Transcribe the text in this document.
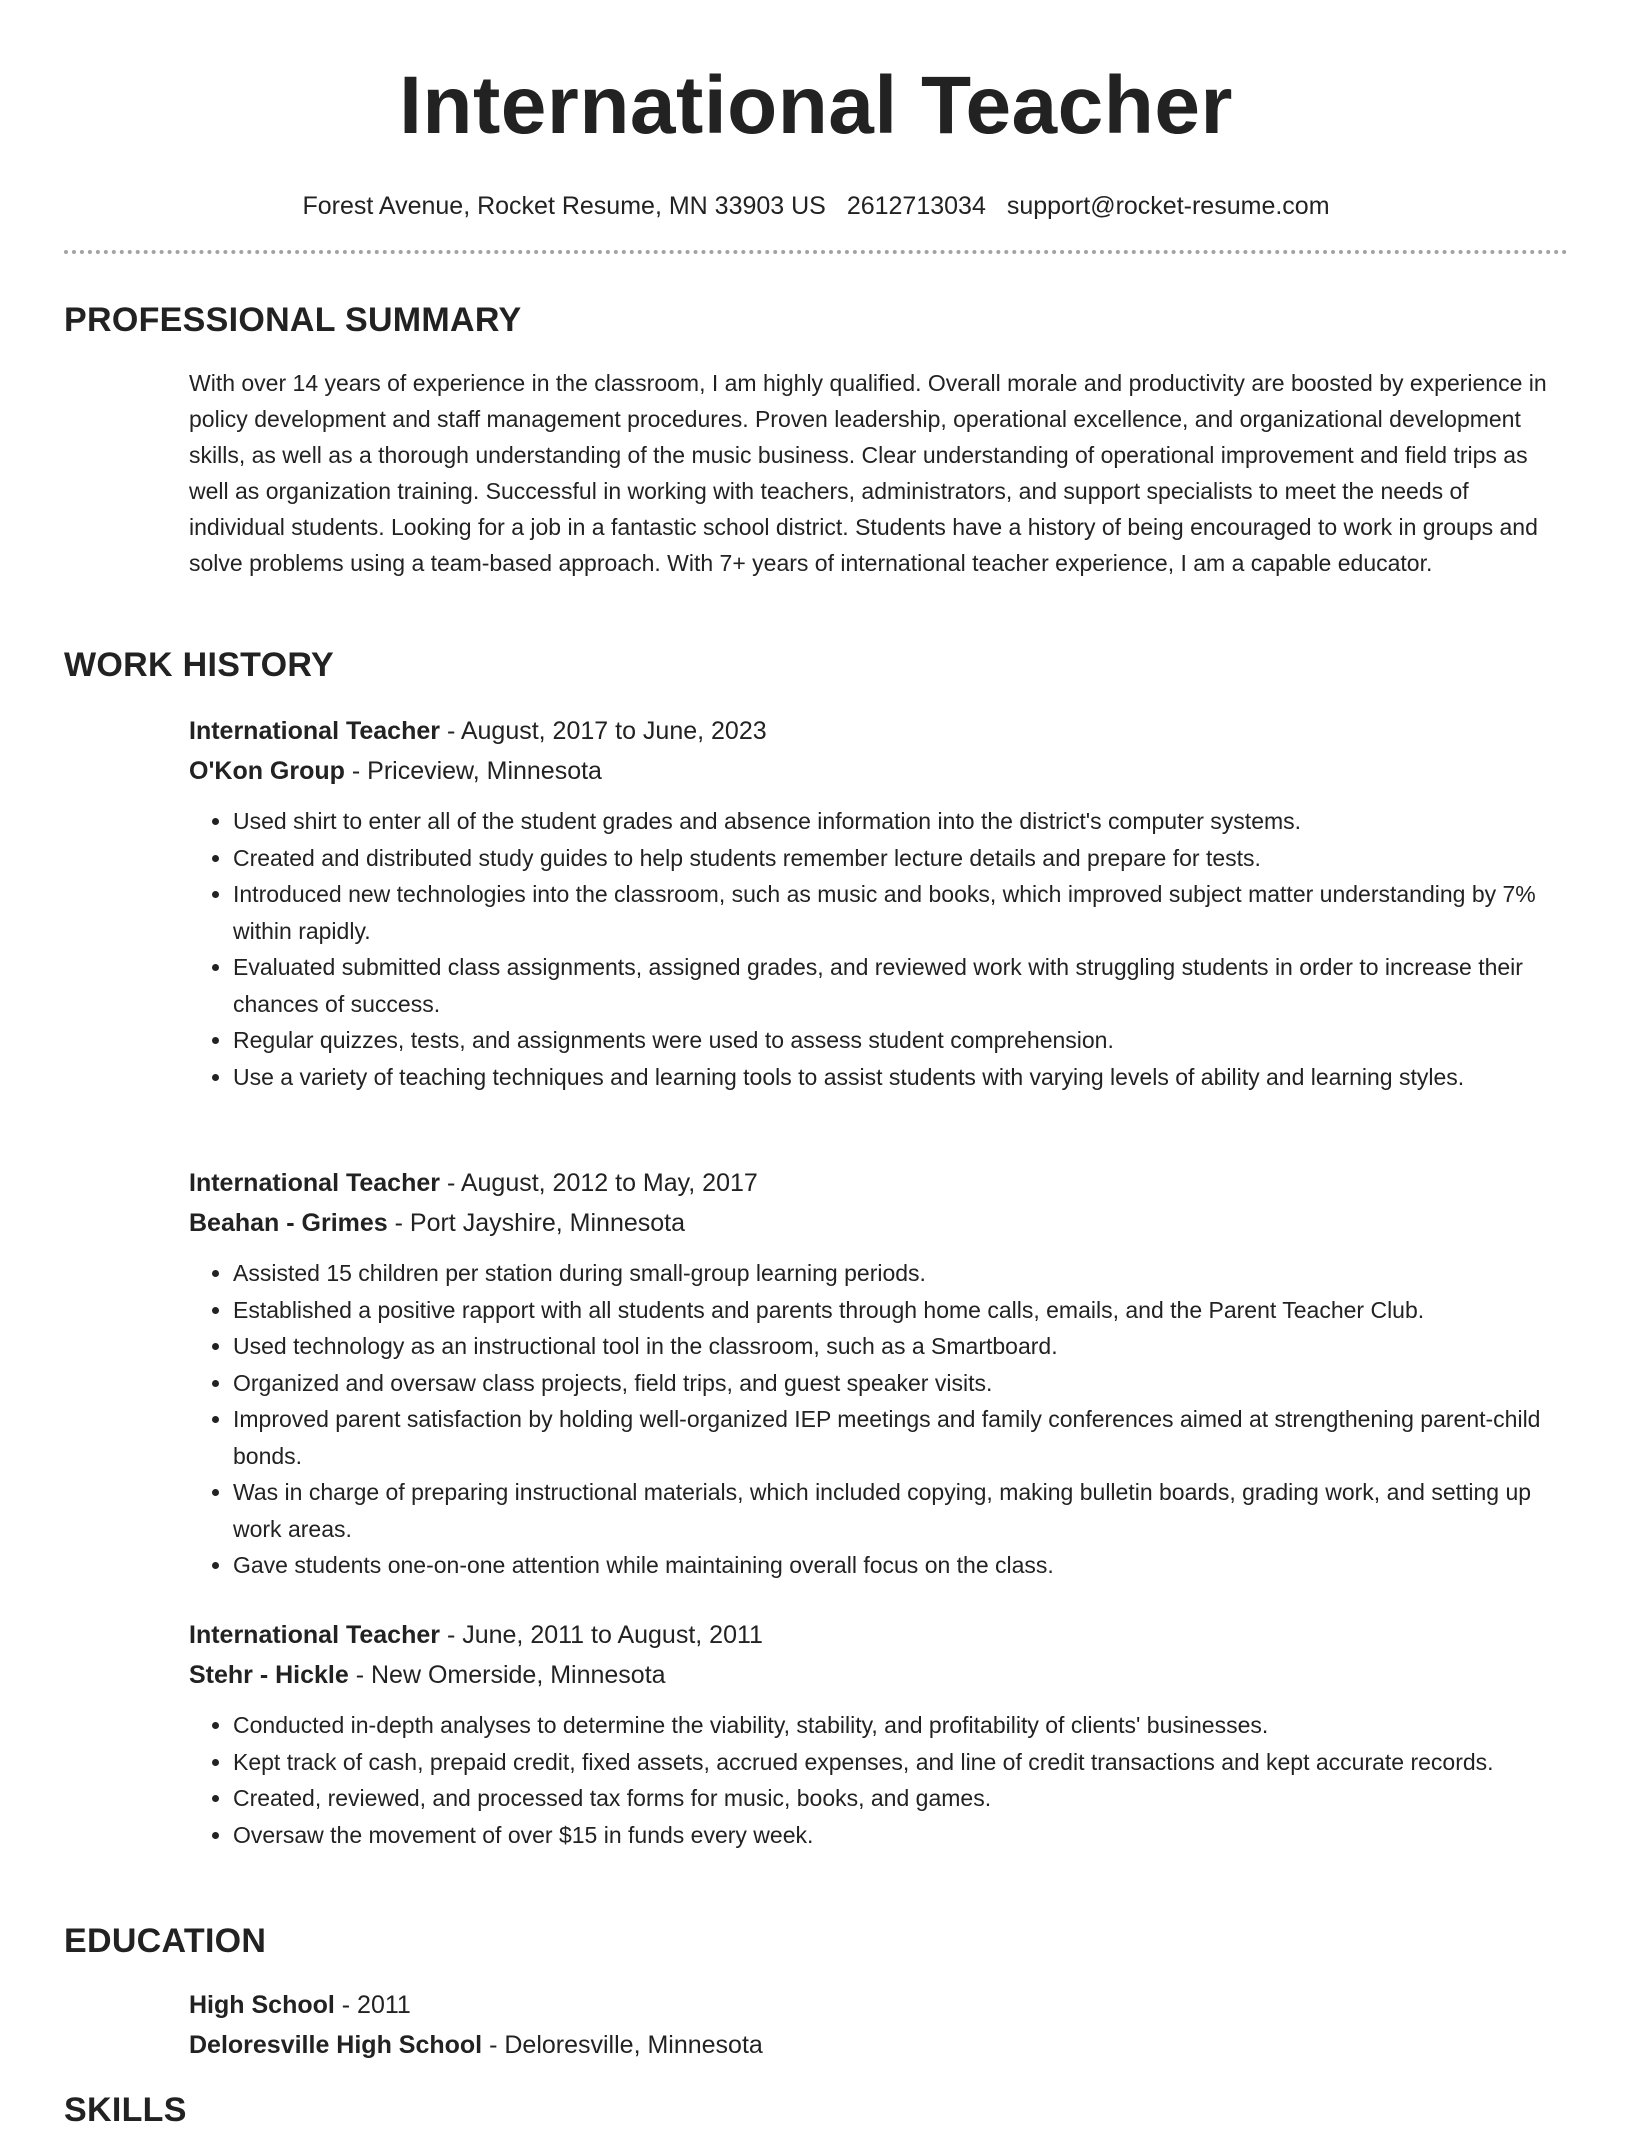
International Teacher
Forest Avenue, Rocket Resume, MN 33903 US 2612713034 support@rocket-resume.com
PROFESSIONAL SUMMARY

With over 14 years of experience in the classroom, I am highly qualified. Overall morale and productivity are boosted by experience in policy development and staff management procedures. Proven leadership, operational excellence, and organizational development skills, as well as a thorough understanding of the music business. Clear understanding of operational improvement and field trips as well as organization training. Successful in working with teachers, administrators, and support specialists to meet the needs of individual students. Looking for a job in a fantastic school district. Students have a history of being encouraged to work in groups and solve problems using a team-based approach. With 7+ years of international teacher experience, I am a capable educator.

WORK HISTORY

International Teacher - August, 2017 to June, 2023

O'Kon Group - Priceview, Minnesota

• Used shirt to enter all of the student grades and absence information into the district's computer systems.
• Created and distributed study guides to help students remember lecture details and prepare for tests.
• Introduced new technologies into the classroom, such as music and books, which improved subject matter understanding by 7% within rapidly.
• Evaluated submitted class assignments, assigned grades, and reviewed work with struggling students in order to increase their chances of success.
• Regular quizzes, tests, and assignments were used to assess student comprehension.
• Use a variety of teaching techniques and learning tools to assist students with varying levels of ability and learning styles.

International Teacher - August, 2012 to May, 2017

Beahan - Grimes - Port Jayshire, Minnesota

• Assisted 15 children per station during small-group learning periods.
• Established a positive rapport with all students and parents through home calls, emails, and the Parent Teacher Club.
• Used technology as an instructional tool in the classroom, such as a Smartboard.
• Organized and oversaw class projects, field trips, and guest speaker visits.
• Improved parent satisfaction by holding well-organized IEP meetings and family conferences aimed at strengthening parent-child bonds.
• Was in charge of preparing instructional materials, which included copying, making bulletin boards, grading work, and setting up work areas.
• Gave students one-on-one attention while maintaining overall focus on the class.

International Teacher - June, 2011 to August, 2011

Stehr - Hickle - New Omerside, Minnesota

• Conducted in-depth analyses to determine the viability, stability, and profitability of clients' businesses.
• Kept track of cash, prepaid credit, fixed assets, accrued expenses, and line of credit transactions and kept accurate records.
• Created, reviewed, and processed tax forms for music, books, and games.
• Oversaw the movement of over $15 in funds every week.
EDUCATION

High School - 2011

Deloresville High School - Deloresville, Minnesota

SKILLS
